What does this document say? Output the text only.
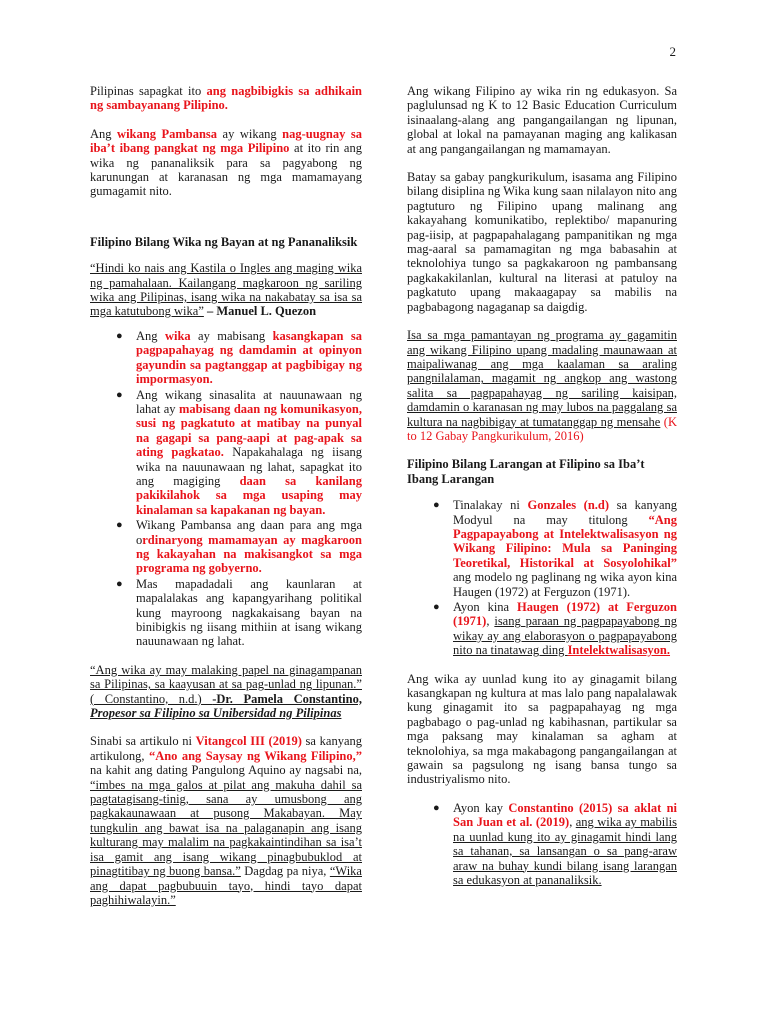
2

Pilipinas sapagkat ito ang nagbibigkis sa adhikain ng sambayanang Pilipino.

Ang wikang Pambansa ay wikang nag-uugnay sa iba’t ibang pangkat ng mga Pilipino at ito rin ang wika ng pananaliksik para sa pagyabong ng karunungan at karanasan ng mga mamamayang gumagamit nito.

Filipino Bilang Wika ng Bayan at ng Pananaliksik

“Hindi ko nais ang Kastila o Ingles ang maging wika ng pamahalaan. Kailangang magkaroon ng sariling wika ang Pilipinas, isang wika na nakabatay sa isa sa mga katutubong wika” – Manuel L. Quezon

● Ang wika ay mabisang kasangkapan sa pagpapahayag ng damdamin at opinyon gayundin sa pagtanggap at pagbibigay ng impormasyon.
● Ang wikang sinasalita at nauunawaan ng lahat ay mabisang daan ng komunikasyon, susi ng pagkatuto at matibay na punyal na gagapi sa pang-aapi at pag-apak sa ating pagkatao. Napakahalaga ng iisang wika na nauunawaan ng lahat, sapagkat ito ang magiging daan sa kanilang pakikilahok sa mga usaping may kinalaman sa kapakanan ng bayan.
● Wikang Pambansa ang daan para ang mga ordinaryong mamamayan ay magkaroon ng kakayahan na makisangkot sa mga programa ng gobyerno.
● Mas mapadadali ang kaunlaran at mapalalakas ang kapangyarihang politikal kung mayroong nagkakaisang bayan na binibigkis ng iisang mithiin at isang wikang nauunawaan ng lahat.

“Ang wika ay may malaking papel na ginagampanan sa Pilipinas, sa kaayusan at sa pag-unlad ng lipunan.” ( Constantino, n.d.) -Dr. Pamela Constantino, Propesor sa Filipino sa Unibersidad ng Pilipinas

Sinabi sa artikulo ni Vitangcol III (2019) sa kanyang artikulong, “Ano ang Saysay ng Wikang Filipino,” na kahit ang dating Pangulong Aquino ay nagsabi na, “imbes na mga galos at pilat ang makuha dahil sa pagtatagisang-tinig, sana ay umusbong ang pagkakaunawaan at pusong Makabayan. May tungkulin ang bawat isa na palaganapin ang isang kulturang may malalim na pagkakaintindihan sa isa’t isa gamit ang isang wikang pinagbubuklod at pinagtitibay ng buong bansa.” Dagdag pa niya, “Wika ang dapat pagbubuuin tayo, hindi tayo dapat paghihiwalayin.”

Ang wikang Filipino ay wika rin ng edukasyon. Sa paglulunsad ng K to 12 Basic Education Curriculum isinaalang-alang ang pangangailangan ng lipunan, global at lokal na pamayanan maging ang kalikasan at ang pangangailangan ng mamamayan.

Batay sa gabay pangkurikulum, isasama ang Filipino bilang disiplina ng Wika kung saan nilalayon nito ang pagtuturo ng Filipino upang malinang ang kakayahang komunikatibo, replektibo/ mapanuring pag-iisip, at pagpapahalagang pampanitikan ng mga mag-aaral sa pamamagitan ng mga babasahin at teknolohiya tungo sa pagkakaroon ng pambansang pagkakakilanlan, kultural na literasi at patuloy na pagkatuto upang makaagapay sa mabilis na pagbabagong nagaganap sa daigdig.

Isa sa mga pamantayan ng programa ay gagamitin ang wikang Filipino upang madaling maunawaan at maipaliwanag ang mga kaalaman sa araling pangnilalaman, magamit ng angkop ang wastong salita sa pagpapahayag ng sariling kaisipan, damdamin o karanasan ng may lubos na paggalang sa kultura na nagbibigay at tumatanggap ng mensahe (K to 12 Gabay Pangkurikulum, 2016)

Filipino Bilang Larangan at Filipino sa Iba’t Ibang Larangan
● Tinalakay ni Gonzales (n.d) sa kanyang Modyul na may titulong “Ang Pagpapayabong at Intelektwalisasyon ng Wikang Filipino: Mula sa Paninging Teoretikal, Historikal at Sosyolohikal” ang modelo ng paglinang ng wika ayon kina Haugen (1972) at Ferguzon (1971).
● Ayon kina Haugen (1972) at Ferguzon (1971), isang paraan ng pagpapayabong ng wikay ay ang elaborasyon o pagpapayabong nito na tinatawag ding Intelektwalisasyon.

Ang wika ay uunlad kung ito ay ginagamit bilang kasangkapan ng kultura at mas lalo pang napalalawak kung ginagamit ito sa pagpapahayag ng mga pagbabago o pag-unlad ng kabihasnan, partikular sa mga paksang may kinalaman sa agham at teknolohiya, sa mga makabagong pangangailangan at gawain sa pagsulong ng isang bansa tungo sa industriyalismo nito.

● Ayon kay Constantino (2015) sa aklat ni San Juan et al. (2019), ang wika ay mabilis na uunlad kung ito ay ginagamit hindi lang sa tahanan, sa lansangan o sa pang-araw araw na buhay kundi bilang isang larangan sa edukasyon at pananaliksik.
